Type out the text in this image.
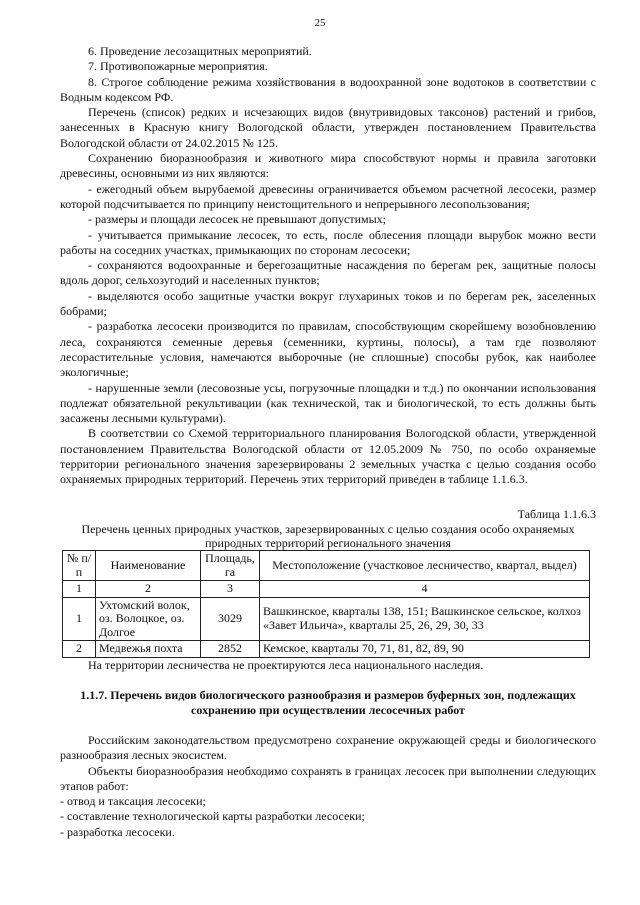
25

6. Проведение лесозащитных мероприятий.

7. Противопожарные мероприятия.

8. Строгое соблюдение режима хозяйствования в водоохранной зоне водотоков в соответствии с Водным кодексом РФ.

Перечень (список) редких и исчезающих видов (внутривидовых таксонов) растений и грибов, занесенных в Красную книгу Вологодской области, утвержден постановлением Правительства Вологодской области от 24.02.2015 № 125.

Сохранению биоразнообразия и животного мира способствуют нормы и правила заготовки древесины, основными из них являются:

- ежегодный объем вырубаемой древесины ограничивается объемом расчетной лесосеки, размер которой подсчитывается по принципу неистощительного и непрерывного лесопользования;

- размеры и площади лесосек не превышают допустимых;

- учитывается примыкание лесосек, то есть, после облесения площади вырубок можно вести работы на соседних участках, примыкающих по сторонам лесосеки;

- сохраняются водоохранные и берегозащитные насаждения по берегам рек, защитные полосы вдоль дорог, сельхозугодий и населенных пунктов;

- выделяются особо защитные участки вокруг глухариных токов и по берегам рек, заселенных бобрами;

- разработка лесосеки производится по правилам, способствующим скорейшему возобновлению леса, сохраняются семенные деревья (семенники, куртины, полосы), а там где позволяют лесорастительные условия, намечаются выборочные (не сплошные) способы рубок, как наиболее экологичные;

- нарушенные земли (лесовозные усы, погрузочные площадки и т.д.) по окончании использования подлежат обязательной рекультивации (как технической, так и биологической, то есть должны быть засажены лесными культурами).

В соответствии со Схемой территориального планирования Вологодской области, утвержденной постановлением Правительства Вологодской области от 12.05.2009 № 750, по особо охраняемые территории регионального значения зарезервированы 2 земельных участка с целью создания особо охраняемых природных территорий. Перечень этих территорий приведен в таблице 1.1.6.3.

Таблица 1.1.6.3
Перечень ценных природных участков, зарезервированных с целью создания особо охраняемых природных территорий регионального значения
№ п/п	Наименование	Площадь, га	Местоположение (участковое лесничество, квартал, выдел)
1	2	3	4
1	Ухтомский волок, оз. Волоцкое, оз. Долгое	3029	Вашкинское, кварталы 138, 151; Вашкинское сельское, колхоз «Завет Ильича», кварталы 25, 26, 29, 30, 33
2	Медвежья похта	2852	Кемское, кварталы 70, 71, 81, 82, 89, 90

На территории лесничества не проектируются леса национального наследия.

1.1.7. Перечень видов биологического разнообразия и размеров буферных зон, подлежащих сохранению при осуществлении лесосечных работ

Российским законодательством предусмотрено сохранение окружающей среды и биологического разнообразия лесных экосистем.

Объекты биоразнообразия необходимо сохранять в границах лесосек при выполнении следующих этапов работ:

- отвод и таксация лесосеки;

- составление технологической карты разработки лесосеки;

- разработка лесосеки.
